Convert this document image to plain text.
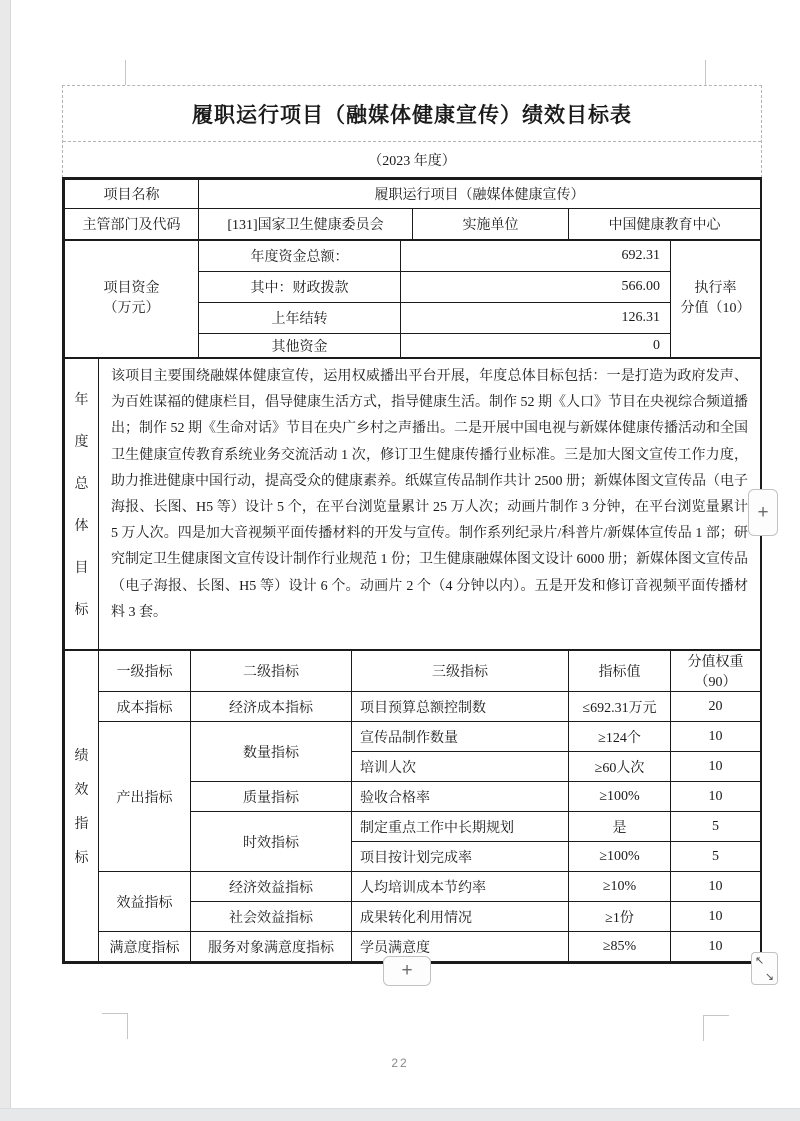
履职运行项目（融媒体健康宣传）绩效目标表
（2023 年度）
项目名称	履职运行项目（融媒体健康宣传）		
主管部门及代码	[131]国家卫生健康委员会	实施单位	中国健康教育中心
项目资金
（万元）
	年度资金总额：	692.31	
执行率
分值（10）

	其中：财政拨款	566.00	
	上年结转	126.31	
	其他资金	0	
年
度
总
体
目
标

该项目主要围绕融媒体健康宣传，运用权威播出平台开展，年度总体目标包括：一是打造为政府发声、为百姓谋福的健康栏目，倡导健康生活方式，指导健康生活。制作 52 期《人口》节目在央视综合频道播出；制作 52 期《生命对话》节目在央广乡村之声播出。二是开展中国电视与新媒体健康传播活动和全国卫生健康宣传教育系统业务交流活动 1 次，修订卫生健康传播行业标准。三是加大图文宣传工作力度，助力推进健康中国行动，提高受众的健康素养。纸媒宣传品制作共计 2500 册；新媒体图文宣传品（电子海报、长图、H5 等）设计 5 个，在平台浏览量累计 25 万人次；动画片制作 3 分钟，在平台浏览量累计 5 万人次。四是加大音视频平面传播材料的开发与宣传。制作系列纪录片/科普片/新媒体宣传品 1 部；研究制定卫生健康图文宣传设计制作行业规范 1 份；卫生健康融媒体图文设计 6000 册；新媒体图文宣传品（电子海报、长图、H5 等）设计 6 个。动画片 2 个（4 分钟以内）。五是开发和修订音视频平面传播材料 3 套。
绩
效
指
标	一级指标	二级指标	三级指标	指标值	分值权重（90）
	成本指标	经济成本指标	项目预算总额控制数	≤692.31万元	20
	产出指标	数量指标	宣传品制作数量	≥124个	10
			培训人次	≥60人次	10
		质量指标	验收合格率	≥100%	10
		时效指标	制定重点工作中长期规划	是	5
			项目按计划完成率	≥100%	5
	效益指标	经济效益指标	人均培训成本节约率	≥10%	10
		社会效益指标	成果转化利用情况	≥1份	10
	满意度指标	服务对象满意度指标	学员满意度	≥85%	10
+
+	↖
↘
22
